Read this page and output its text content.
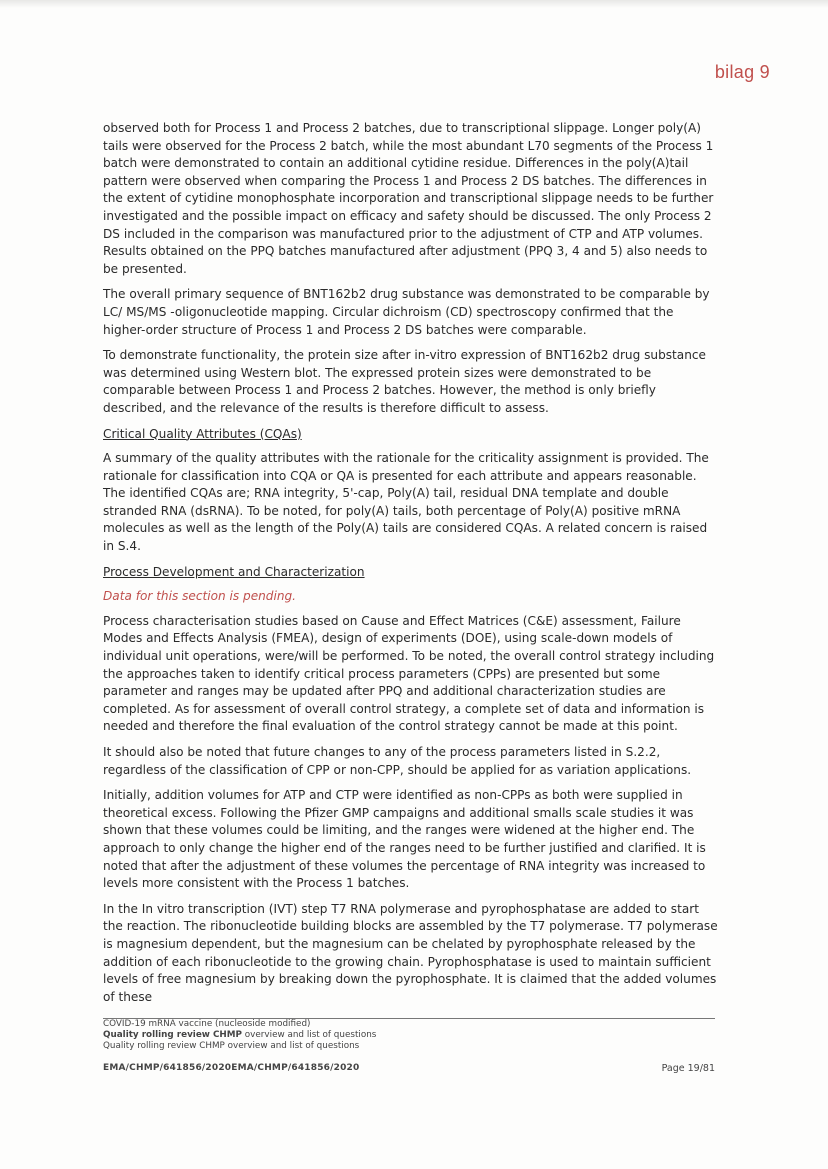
bilag 9

observed both for Process 1 and Process 2 batches, due to transcriptional slippage. Longer poly(A) tails were observed for the Process 2 batch, while the most abundant L70 segments of the Process 1 batch were demonstrated to contain an additional cytidine residue. Differences in the poly(A)tail pattern were observed when comparing the Process 1 and Process 2 DS batches. The differences in the extent of cytidine monophosphate incorporation and transcriptional slippage needs to be further investigated and the possible impact on efficacy and safety should be discussed. The only Process 2 DS included in the comparison was manufactured prior to the adjustment of CTP and ATP volumes. Results obtained on the PPQ batches manufactured after adjustment (PPQ 3, 4 and 5) also needs to be presented.

The overall primary sequence of BNT162b2 drug substance was demonstrated to be comparable by LC/ MS/MS -oligonucleotide mapping. Circular dichroism (CD) spectroscopy confirmed that the higher-order structure of Process 1 and Process 2 DS batches were comparable.

To demonstrate functionality, the protein size after in-vitro expression of BNT162b2 drug substance was determined using Western blot. The expressed protein sizes were demonstrated to be comparable between Process 1 and Process 2 batches. However, the method is only briefly described, and the relevance of the results is therefore difficult to assess.

Critical Quality Attributes (CQAs)

A summary of the quality attributes with the rationale for the criticality assignment is provided. The rationale for classification into CQA or QA is presented for each attribute and appears reasonable. The identified CQAs are; RNA integrity, 5'-cap, Poly(A) tail, residual DNA template and double stranded RNA (dsRNA). To be noted, for poly(A) tails, both percentage of Poly(A) positive mRNA molecules as well as the length of the Poly(A) tails are considered CQAs. A related concern is raised in S.4.

Process Development and Characterization
Data for this section is pending.

Process characterisation studies based on Cause and Effect Matrices (C&E) assessment, Failure Modes and Effects Analysis (FMEA), design of experiments (DOE), using scale-down models of individual unit operations, were/will be performed. To be noted, the overall control strategy including the approaches taken to identify critical process parameters (CPPs) are presented but some parameter and ranges may be updated after PPQ and additional characterization studies are completed. As for assessment of overall control strategy, a complete set of data and information is needed and therefore the final evaluation of the control strategy cannot be made at this point.

It should also be noted that future changes to any of the process parameters listed in S.2.2, regardless of the classification of CPP or non-CPP, should be applied for as variation applications.

Initially, addition volumes for ATP and CTP were identified as non-CPPs as both were supplied in theoretical excess. Following the Pfizer GMP campaigns and additional smalls scale studies it was shown that these volumes could be limiting, and the ranges were widened at the higher end. The approach to only change the higher end of the ranges need to be further justified and clarified. It is noted that after the adjustment of these volumes the percentage of RNA integrity was increased to levels more consistent with the Process 1 batches.

In the In vitro transcription (IVT) step T7 RNA polymerase and pyrophosphatase are added to start the reaction. The ribonucleotide building blocks are assembled by the T7 polymerase. T7 polymerase is magnesium dependent, but the magnesium can be chelated by pyrophosphate released by the addition of each ribonucleotide to the growing chain. Pyrophosphatase is used to maintain sufficient levels of free magnesium by breaking down the pyrophosphate. It is claimed that the added volumes of these

COVID-19 mRNA vaccine (nucleoside modified)
Quality rolling review CHMP overview and list of questions
Quality rolling review CHMP overview and list of questions
EMA/CHMP/641856/2020EMA/CHMP/641856/2020	Page 19/81
